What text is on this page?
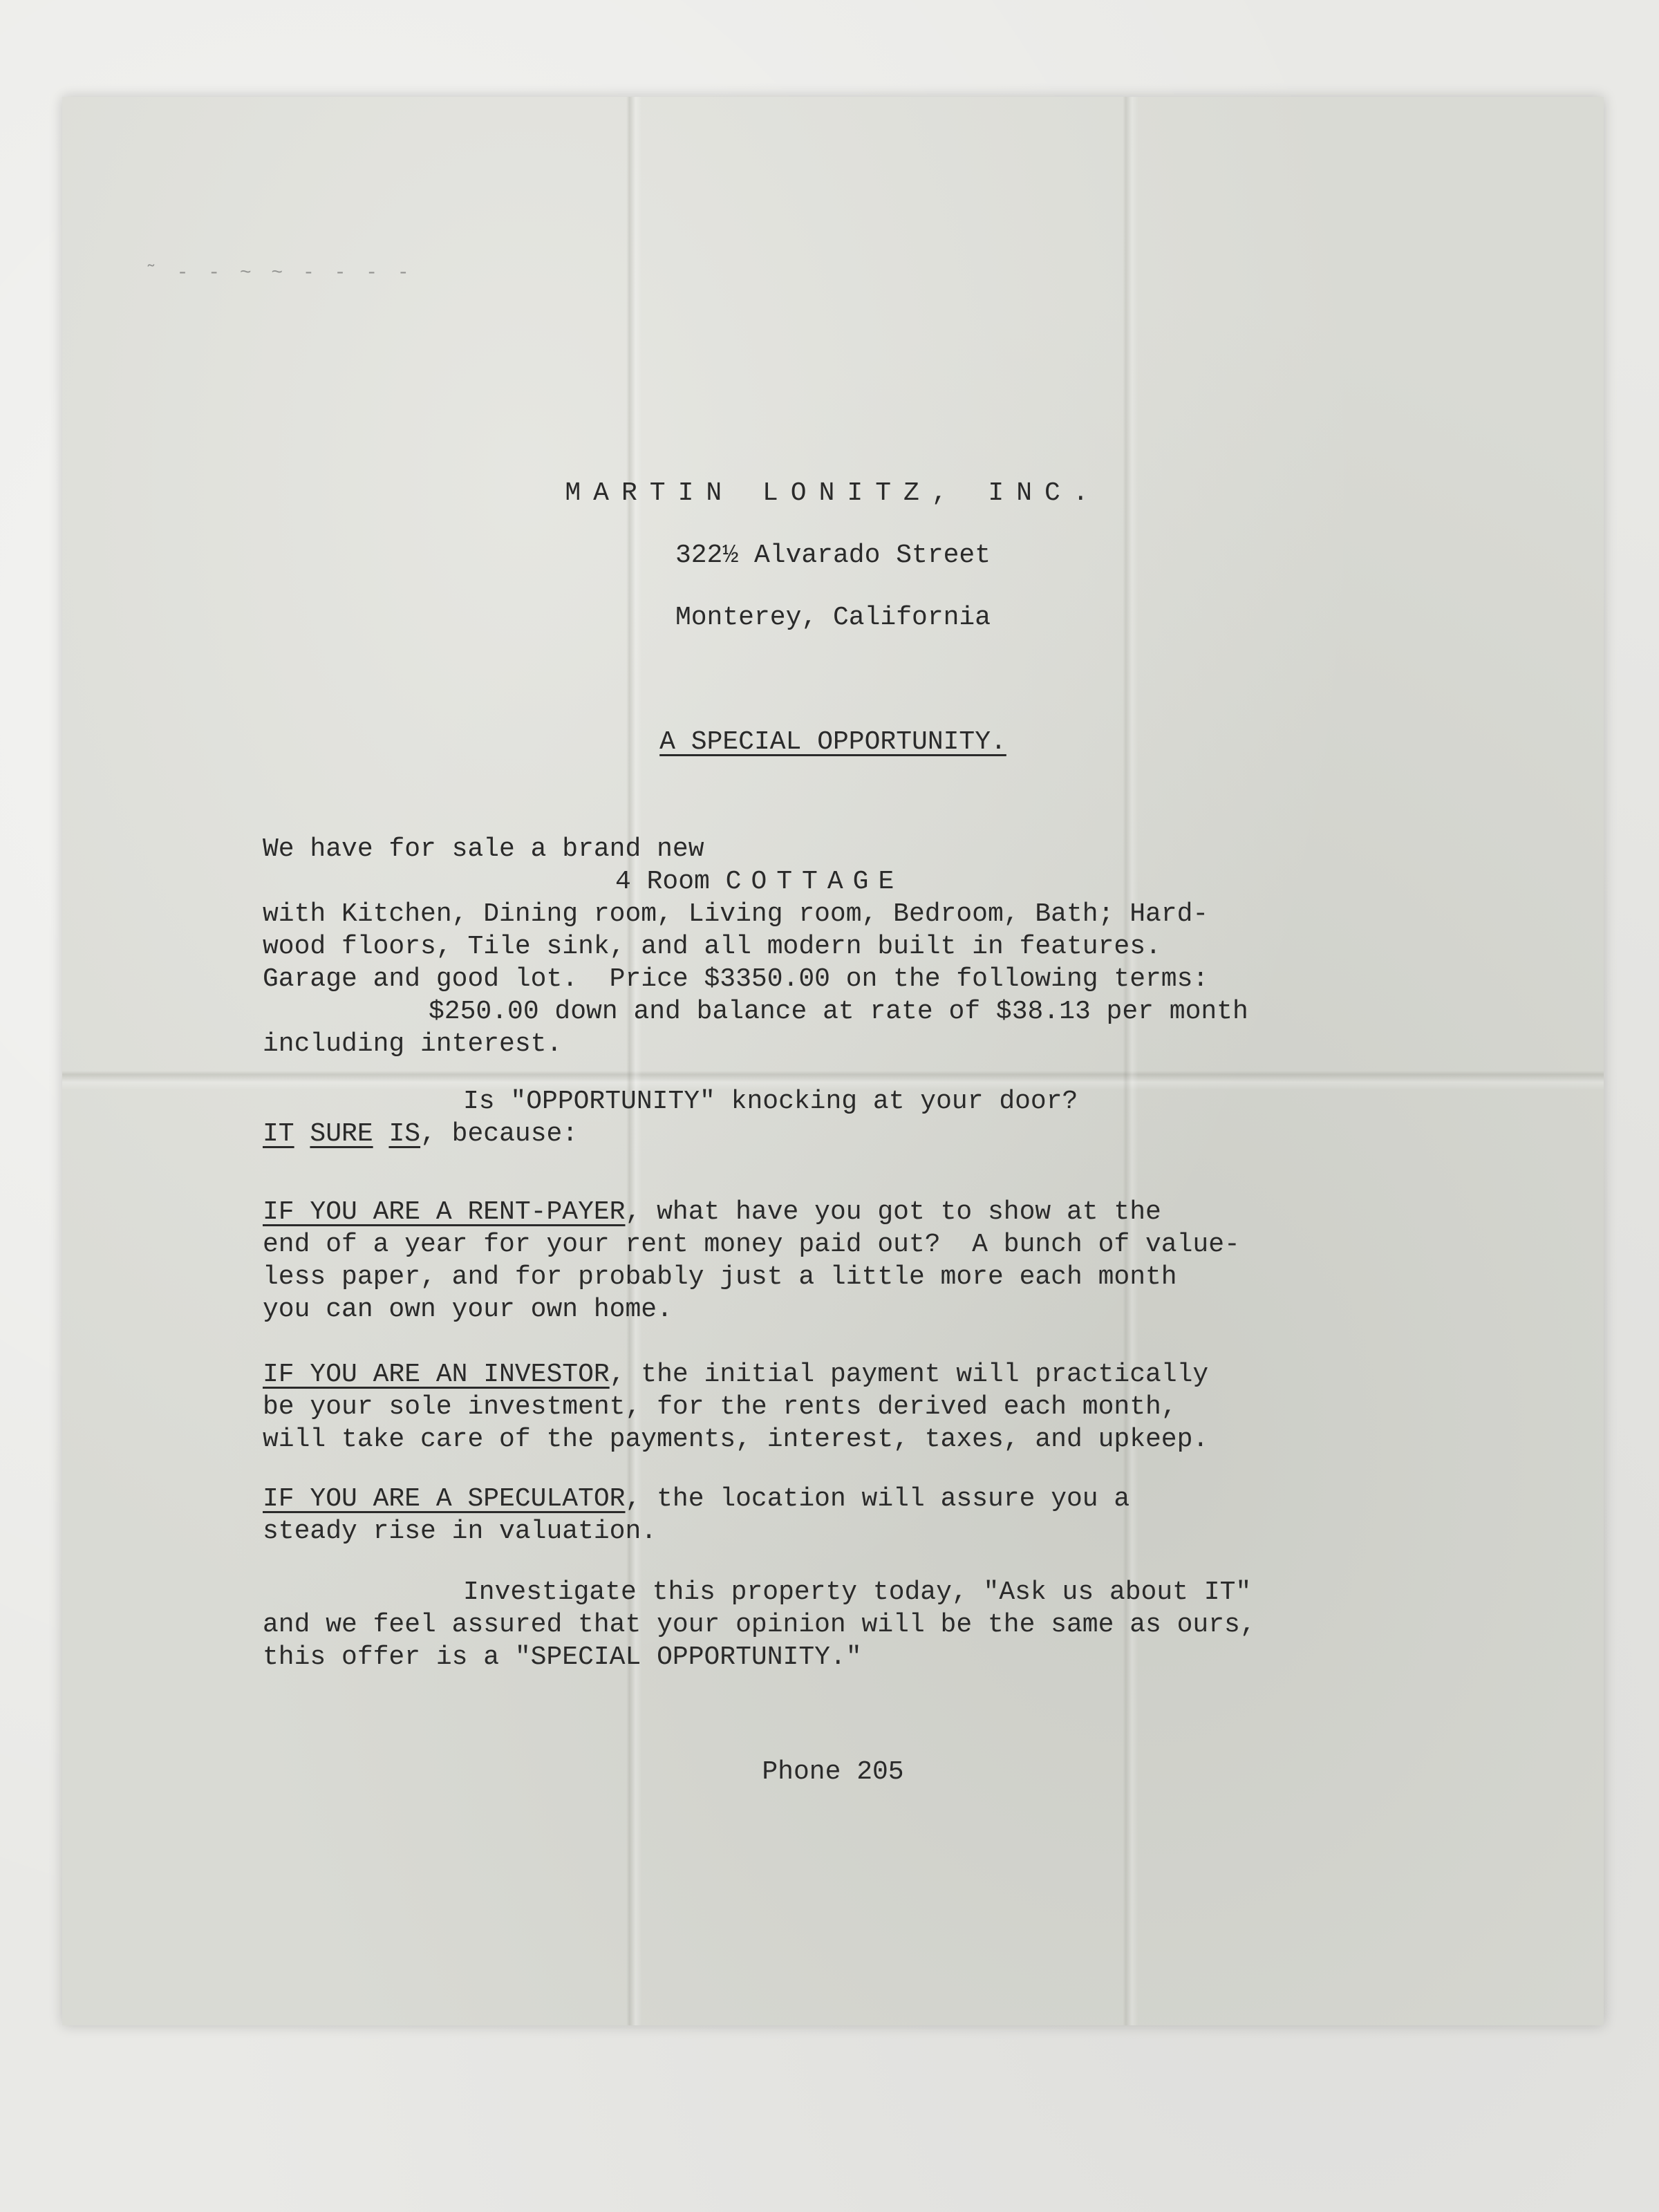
˜ ‐ ‐ ~ ~ ‐ ‐ ‐ ‐
MARTIN LONITZ, INC.
322½ Alvarado Street
Monterey, California
A SPECIAL OPPORTUNITY.
We have for sale a brand new
4 Room COTTAGE
with Kitchen, Dining room, Living room, Bedroom, Bath; Hard-
wood floors, Tile sink, and all modern built in features.
Garage and good lot.  Price $3350.00 on the following terms:
$250.00 down and balance at rate of $38.13 per month
including interest.
Is "OPPORTUNITY" knocking at your door?
IT SURE IS, because:
IF YOU ARE A RENT-PAYER, what have you got to show at the
end of a year for your rent money paid out?  A bunch of value-
less paper, and for probably just a little more each month
you can own your own home.
IF YOU ARE AN INVESTOR, the initial payment will practically
be your sole investment, for the rents derived each month,
will take care of the payments, interest, taxes, and upkeep.
IF YOU ARE A SPECULATOR, the location will assure you a
steady rise in valuation.
Investigate this property today, "Ask us about IT"
and we feel assured that your opinion will be the same as ours,
this offer is a "SPECIAL OPPORTUNITY."
Phone 205
